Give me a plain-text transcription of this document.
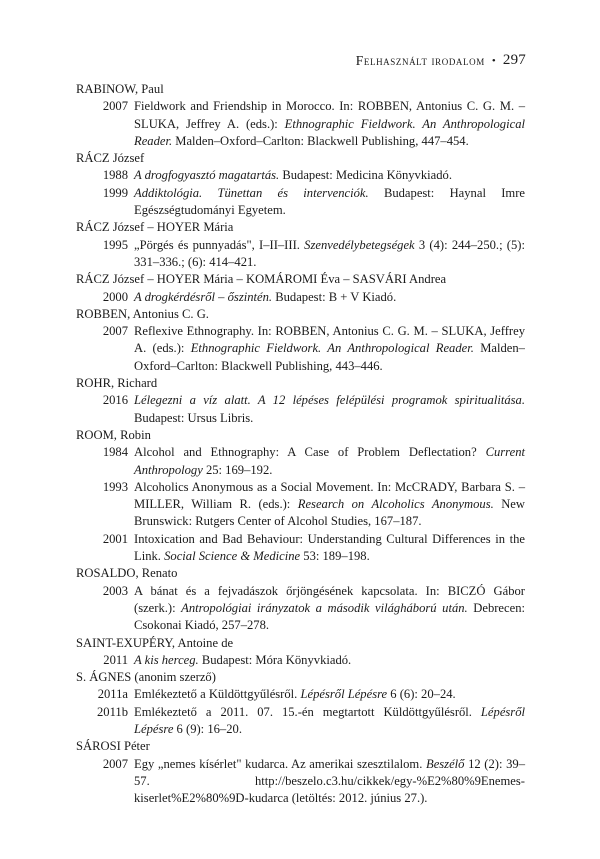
Felhasznált irodalom • 297
RABINOW, Paul
2007 Fieldwork and Friendship in Morocco. In: ROBBEN, Antonius C. G. M. – SLUKA, Jeffrey A. (eds.): Ethnographic Fieldwork. An Anthropological Reader. Malden–Oxford–Carlton: Blackwell Publishing, 447–454.
RÁCZ József
1988 A drogfogyasztó magatartás. Budapest: Medicina Könyvkiadó.
1999 Addiktológia. Tünettan és intervenciók. Budapest: Haynal Imre Egészségtudományi Egyetem.
RÁCZ József – HOYER Mária
1995 „Pörgés és punnyadás", I–II–III. Szenvedélybetegségek 3 (4): 244–250.; (5): 331–336.; (6): 414–421.
RÁCZ József – HOYER Mária – KOMÁROMI Éva – SASVÁRI Andrea
2000 A drogkérdésről – őszintén. Budapest: B + V Kiadó.
ROBBEN, Antonius C. G.
2007 Reflexive Ethnography. In: ROBBEN, Antonius C. G. M. – SLUKA, Jeffrey A. (eds.): Ethnographic Fieldwork. An Anthropological Reader. Malden–Oxford–Carlton: Blackwell Publishing, 443–446.
ROHR, Richard
2016 Lélegezni a víz alatt. A 12 lépéses felépülési programok spiritualitása. Budapest: Ursus Libris.
ROOM, Robin
1984 Alcohol and Ethnography: A Case of Problem Deflectation? Current Anthropology 25: 169–192.
1993 Alcoholics Anonymous as a Social Movement. In: McCRADY, Barbara S. – MILLER, William R. (eds.): Research on Alcoholics Anonymous. New Brunswick: Rutgers Center of Alcohol Studies, 167–187.
2001 Intoxication and Bad Behaviour: Understanding Cultural Differences in the Link. Social Science & Medicine 53: 189–198.
ROSALDO, Renato
2003 A bánat és a fejvadászok őrjöngésének kapcsolata. In: BICZÓ Gábor (szerk.): Antropológiai irányzatok a második világháború után. Debrecen: Csokonai Kiadó, 257–278.
SAINT-EXUPÉRY, Antoine de
2011 A kis herceg. Budapest: Móra Könyvkiadó.
S. ÁGNES (anonim szerző)
2011a Emlékeztető a Küldöttgyűlésről. Lépésről Lépésre 6 (6): 20–24.
2011b Emlékeztető a 2011. 07. 15.-én megtartott Küldöttgyűlésről. Lépésről Lépésre 6 (9): 16–20.
SÁROSI Péter
2007 Egy „nemes kísérlet" kudarca. Az amerikai szesztilalom. Beszélő 12 (2): 39–57. http://beszelo.c3.hu/cikkek/egy-%E2%80%9Enemes-kiserlet%E2%80%9D-kudarca (letöltés: 2012. június 27.).
